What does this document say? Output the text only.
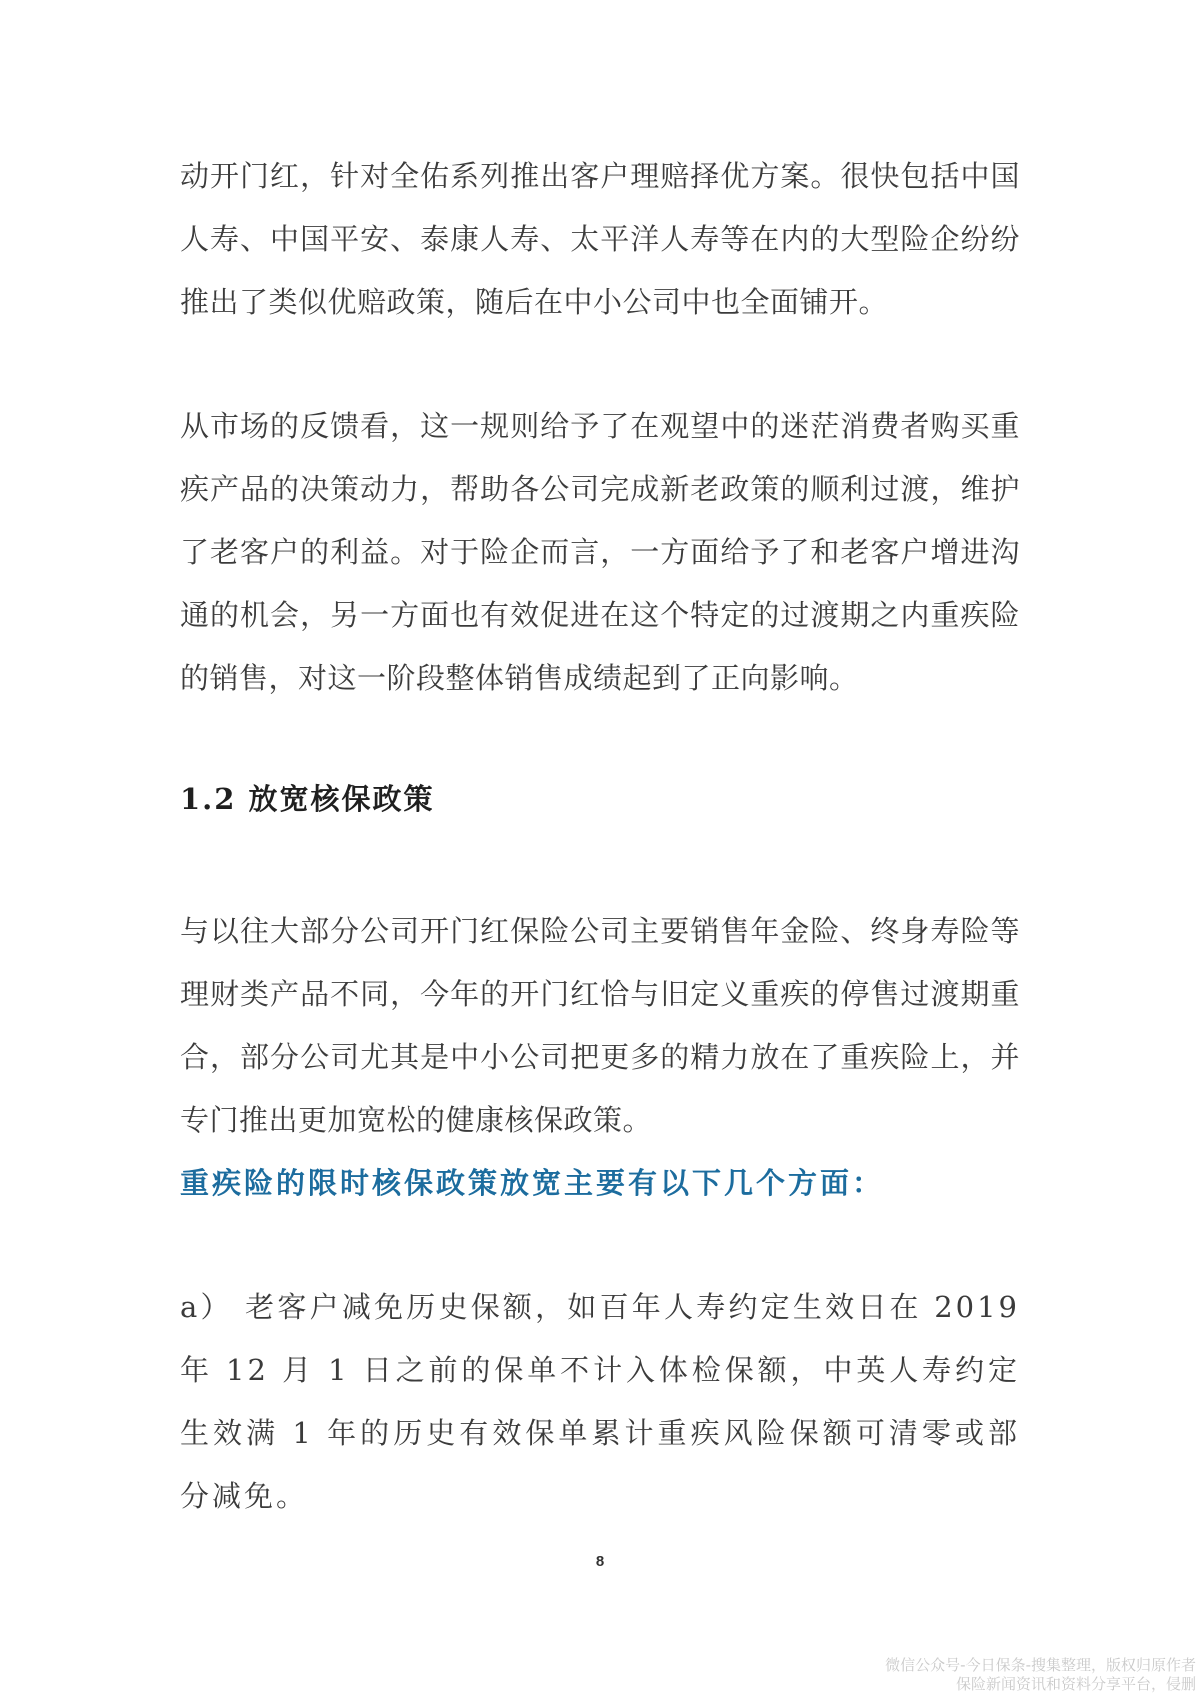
动开门红，针对全佑系列推出客户理赔择优方案。很快包括中国人寿、中国平安、泰康人寿、太平洋人寿等在内的大型险企纷纷推出了类似优赔政策，随后在中小公司中也全面铺开。

从市场的反馈看，这一规则给予了在观望中的迷茫消费者购买重疾产品的决策动力，帮助各公司完成新老政策的顺利过渡，维护了老客户的利益。对于险企而言，一方面给予了和老客户增进沟通的机会，另一方面也有效促进在这个特定的过渡期之内重疾险的销售，对这一阶段整体销售成绩起到了正向影响。

1.2 放宽核保政策

与以往大部分公司开门红保险公司主要销售年金险、终身寿险等理财类产品不同，今年的开门红恰与旧定义重疾的停售过渡期重合，部分公司尤其是中小公司把更多的精力放在了重疾险上，并专门推出更加宽松的健康核保政策。

重疾险的限时核保政策放宽主要有以下几个方面：

a） 老客户减免历史保额，如百年人寿约定生效日在 2019 年 12 月 1 日之前的保单不计入体检保额，中英人寿约定生效满 1 年的历史有效保单累计重疾风险保额可清零或部分减免。

8
微信公众号-今日保条-搜集整理，版权归原作者
保险新闻资讯和资料分享平台，侵删
